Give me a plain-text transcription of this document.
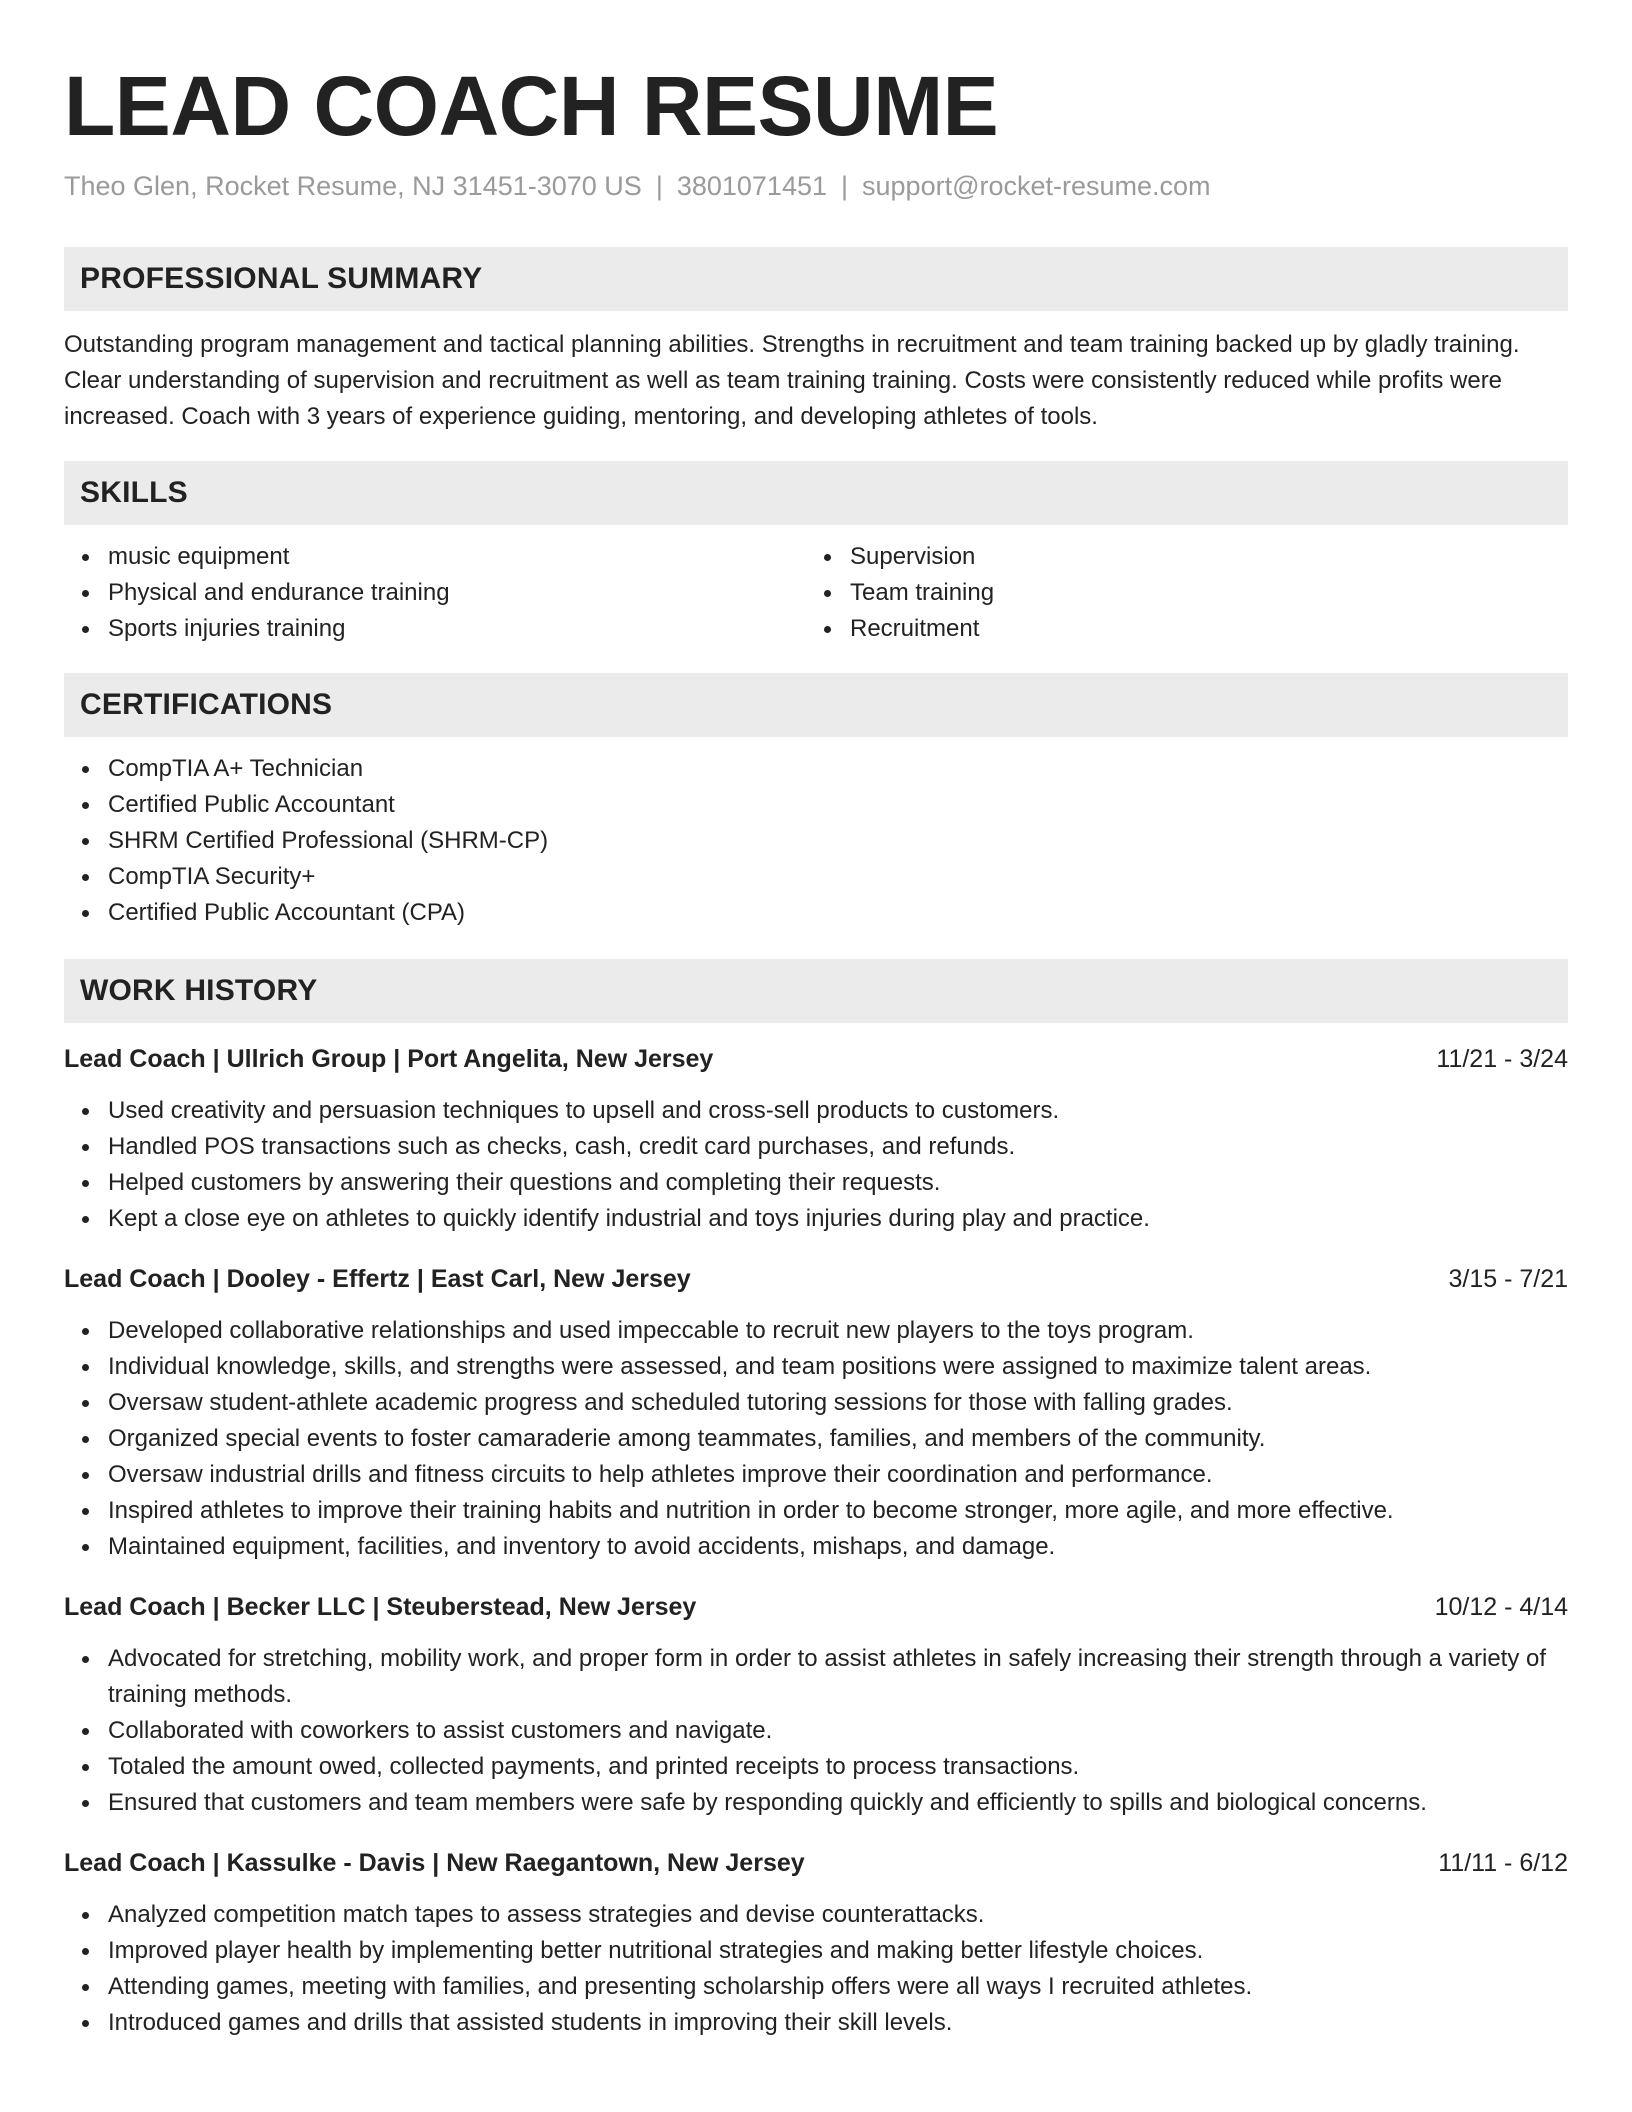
LEAD COACH RESUME
Theo Glen, Rocket Resume, NJ 31451-3070 US | 3801071451 | support@rocket-resume.com
PROFESSIONAL SUMMARY

Outstanding program management and tactical planning abilities. Strengths in recruitment and team training backed up by gladly training. Clear understanding of supervision and recruitment as well as team training training. Costs were consistently reduced while profits were increased. Coach with 3 years of experience guiding, mentoring, and developing athletes of tools.

SKILLS
music equipment
Physical and endurance training
Sports injuries training
Supervision
Team training
Recruitment
CERTIFICATIONS
CompTIA A+ Technician
Certified Public Accountant
SHRM Certified Professional (SHRM-CP)
CompTIA Security+
Certified Public Accountant (CPA)
WORK HISTORY
Lead Coach | Ullrich Group | Port Angelita, New Jersey	11/21 - 3/24
Used creativity and persuasion techniques to upsell and cross-sell products to customers.
Handled POS transactions such as checks, cash, credit card purchases, and refunds.
Helped customers by answering their questions and completing their requests.
Kept a close eye on athletes to quickly identify industrial and toys injuries during play and practice.
Lead Coach | Dooley - Effertz | East Carl, New Jersey	3/15 - 7/21
Developed collaborative relationships and used impeccable to recruit new players to the toys program.
Individual knowledge, skills, and strengths were assessed, and team positions were assigned to maximize talent areas.
Oversaw student-athlete academic progress and scheduled tutoring sessions for those with falling grades.
Organized special events to foster camaraderie among teammates, families, and members of the community.
Oversaw industrial drills and fitness circuits to help athletes improve their coordination and performance.
Inspired athletes to improve their training habits and nutrition in order to become stronger, more agile, and more effective.
Maintained equipment, facilities, and inventory to avoid accidents, mishaps, and damage.
Lead Coach | Becker LLC | Steuberstead, New Jersey	10/12 - 4/14
Advocated for stretching, mobility work, and proper form in order to assist athletes in safely increasing their strength through a variety of training methods.
Collaborated with coworkers to assist customers and navigate.
Totaled the amount owed, collected payments, and printed receipts to process transactions.
Ensured that customers and team members were safe by responding quickly and efficiently to spills and biological concerns.
Lead Coach | Kassulke - Davis | New Raegantown, New Jersey	11/11 - 6/12
Analyzed competition match tapes to assess strategies and devise counterattacks.
Improved player health by implementing better nutritional strategies and making better lifestyle choices.
Attending games, meeting with families, and presenting scholarship offers were all ways I recruited athletes.
Introduced games and drills that assisted students in improving their skill levels.
